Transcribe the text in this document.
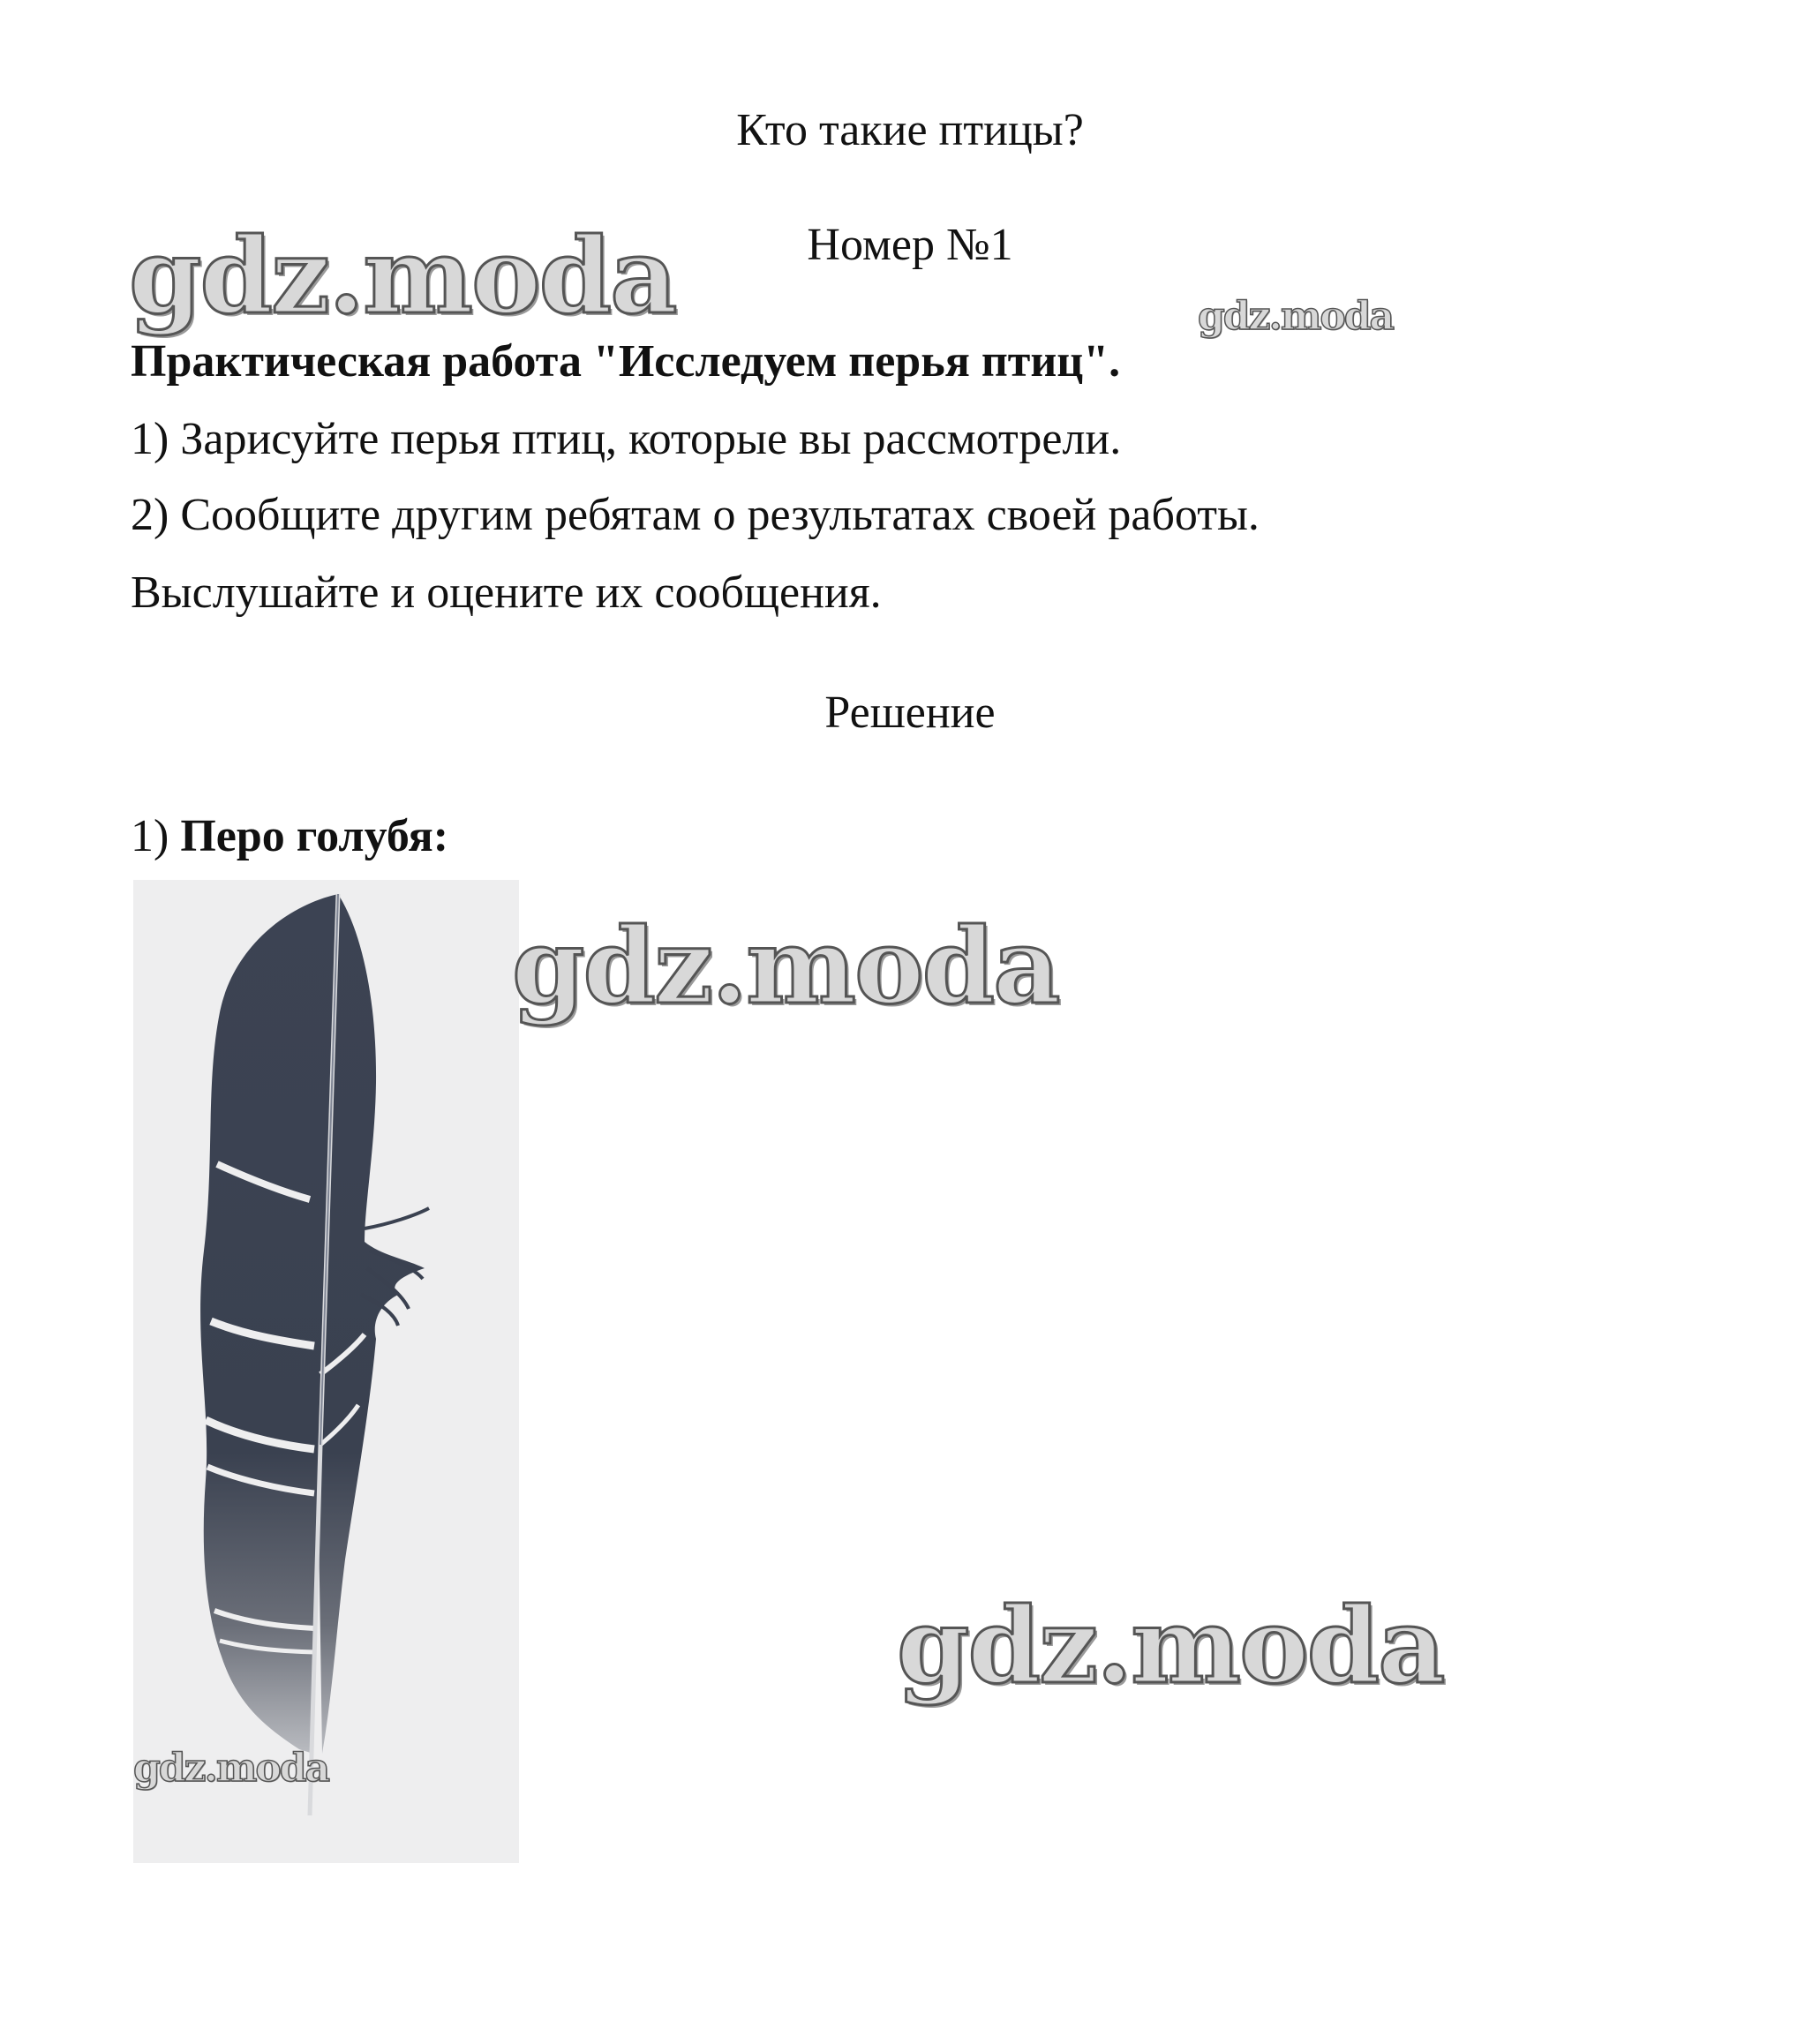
Кто такие птицы?
Номер №1
gdz.moda	gdz.moda
Практическая работа "Исследуем перья птиц".
1) Зарисуйте перья птиц, которые вы рассмотрели.
2) Сообщите другим ребятам о результатах своей работы.
Выслушайте и оцените их сообщения.
Решение
1) Перо голубя:
gdz.moda
gdz.moda
gdz.moda
